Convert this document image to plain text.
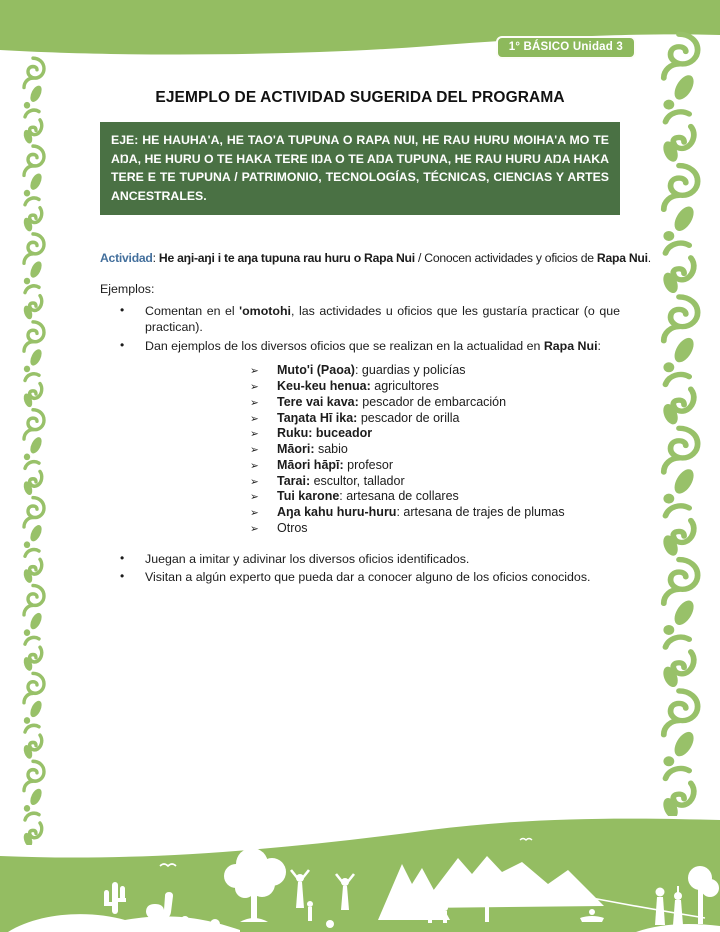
1° BÁSICO Unidad 3
EJEMPLO DE ACTIVIDAD SUGERIDA DEL PROGRAMA
EJE: HE HAUHA'A, HE TAO'A TUPUNA O RAPA NUI, HE RAU HURU MOIHA'A MO TE AŊA, HE HURU O TE HAKA TERE IŊA O TE AŊA TUPUNA, HE RAU HURU AŊA HAKA TERE E TE TUPUNA / PATRIMONIO, TECNOLOGÍAS, TÉCNICAS, CIENCIAS Y ARTES ANCESTRALES.

Actividad: He aŋi-aŋi i te aŋa tupuna rau huru o Rapa Nui / Conocen actividades y oficios de Rapa Nui.

Ejemplos:

•	Comentan en el 'omotohi, las actividades u oficios que les gustaría practicar (o que practican).
•	Dan ejemplos de los diversos oficios que se realizan en la actualidad en Rapa Nui:
➢	Muto'i (Paoa): guardias y policías
➢	Keu-keu henua: agricultores
➢	Tere vai kava: pescador de embarcación
➢	Taŋata Hī ika: pescador de orilla
➢	Ruku: buceador
➢	Māori: sabio
➢	Māori hāpī: profesor
➢	Tarai: escultor, tallador
➢	Tui karone: artesana de collares
➢	Aŋa kahu huru-huru: artesana de trajes de plumas
➢	Otros
•	Juegan a imitar y adivinar los diversos oficios identificados.
•	Visitan a algún experto que pueda dar a conocer alguno de los oficios conocidos.
